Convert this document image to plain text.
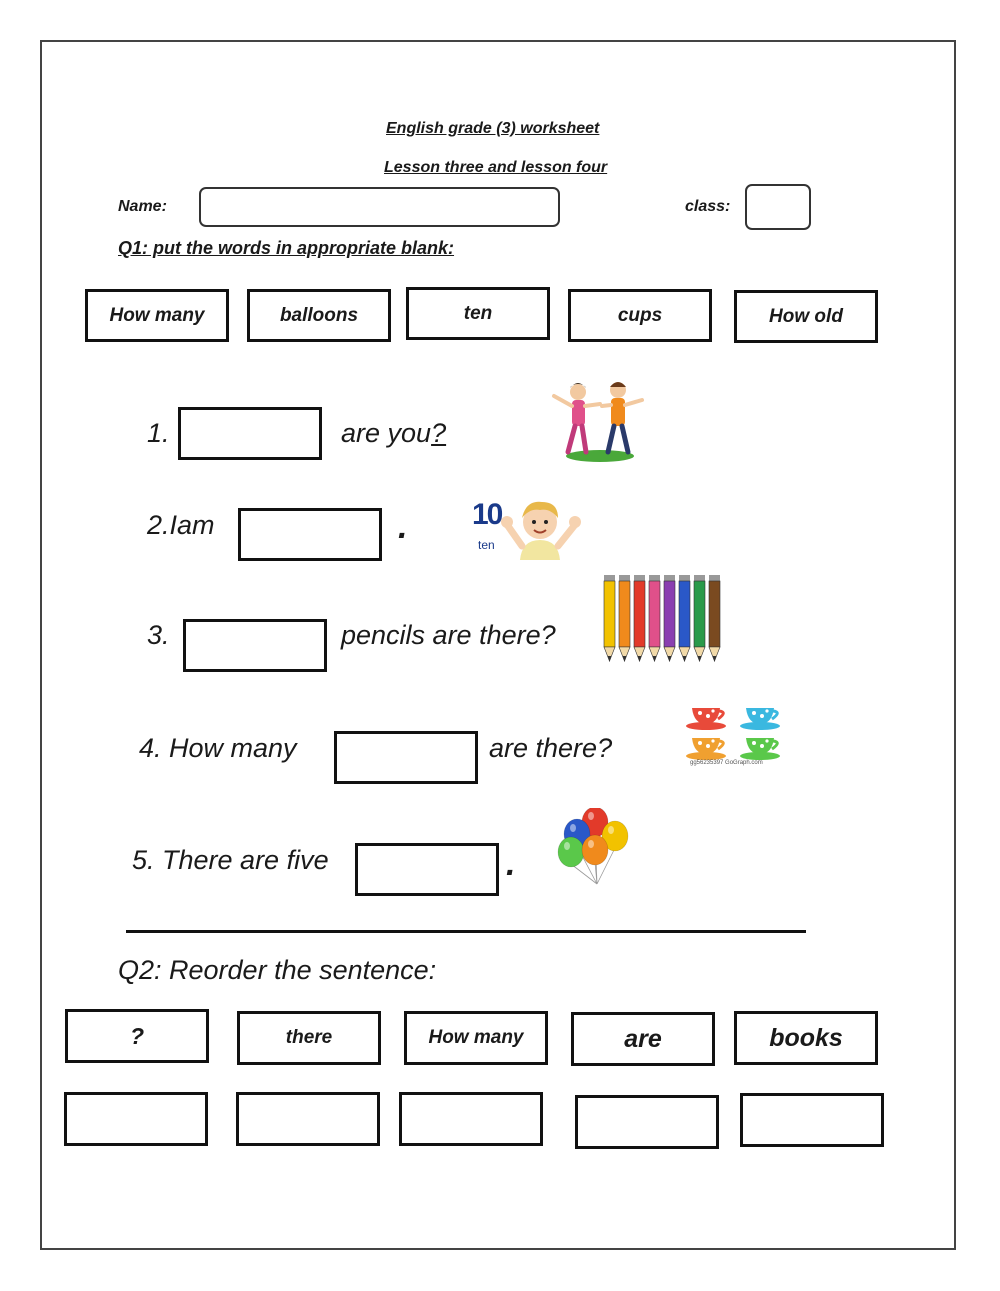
English grade (3) worksheet
Lesson three and lesson four
Name:	class:
Q1: put the words in appropriate blank:
How many	balloons	ten	cups	How old
1.	are you?
2.Iam	. 10
ten
3.	pencils are there?
4. How many	are there?	gg56235397 GoGraph.com
5. There are five	.
Q2: Reorder the sentence:
?	there	How many	are	books
